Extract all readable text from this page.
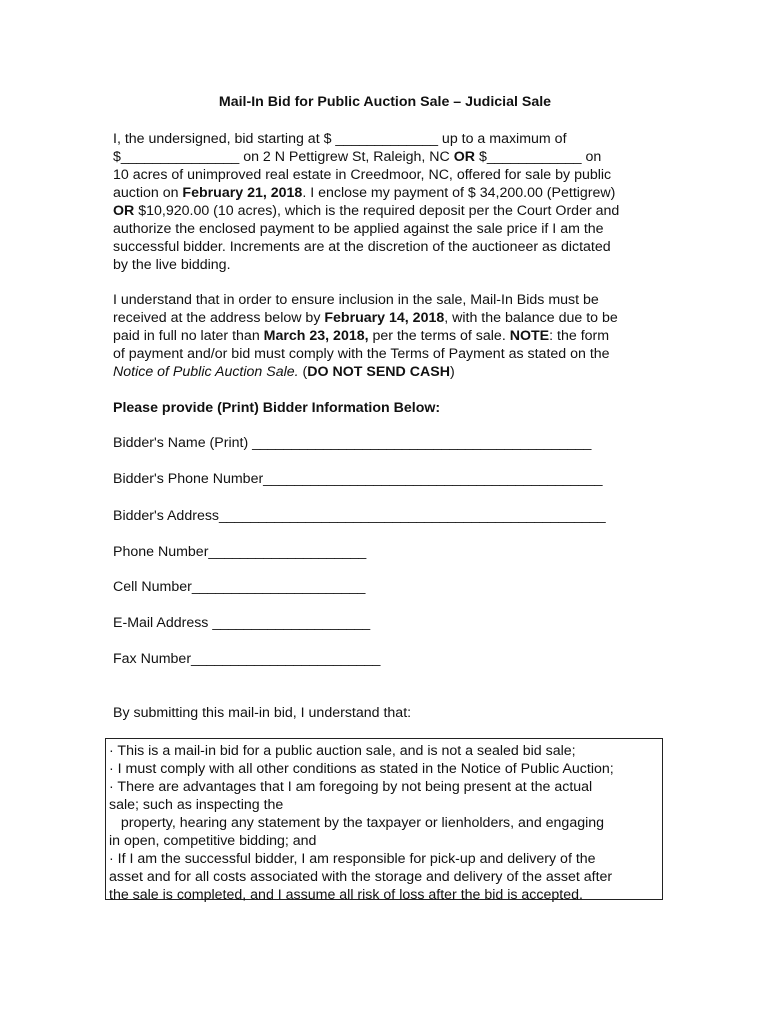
Mail-In Bid for Public Auction Sale – Judicial Sale
I, the undersigned, bid starting at $ _____________ up to a maximum of
$_______________ on 2 N Pettigrew St, Raleigh, NC OR $____________ on
10 acres of unimproved real estate in Creedmoor, NC, offered for sale by public
auction on February 21, 2018. I enclose my payment of $ 34,200.00 (Pettigrew)
OR $10,920.00 (10 acres), which is the required deposit per the Court Order and
authorize the enclosed payment to be applied against the sale price if I am the
successful bidder. Increments are at the discretion of the auctioneer as dictated
by the live bidding.
I understand that in order to ensure inclusion in the sale, Mail-In Bids must be
received at the address below by February 14, 2018, with the balance due to be
paid in full no later than March 23, 2018, per the terms of sale. NOTE: the form
of payment and/or bid must comply with the Terms of Payment as stated on the
Notice of Public Auction Sale. (DO NOT SEND CASH)
Please provide (Print) Bidder Information Below:
Bidder's Name (Print) ___________________________________________
Bidder's Phone Number___________________________________________
Bidder's Address_________________________________________________
Phone Number____________________
Cell Number______________________
E-Mail Address ____________________
Fax Number________________________
By submitting this mail-in bid, I understand that:
· This is a mail-in bid for a public auction sale, and is not a sealed bid sale;
· I must comply with all other conditions as stated in the Notice of Public Auction;
· There are advantages that I am foregoing by not being present at the actual
sale; such as inspecting the
property, hearing any statement by the taxpayer or lienholders, and engaging
in open, competitive bidding; and
· If I am the successful bidder, I am responsible for pick-up and delivery of the
asset and for all costs associated with the storage and delivery of the asset after
the sale is completed, and I assume all risk of loss after the bid is accepted.
